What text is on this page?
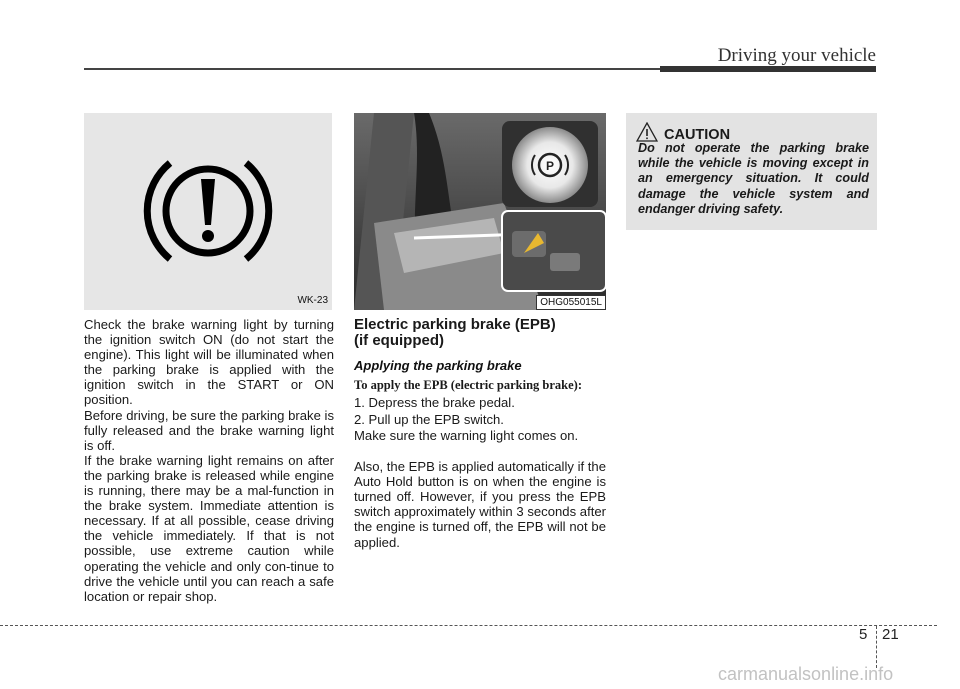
Driving your vehicle
WK-23
P
OHG055015L

Check the brake warning light by turning the ignition switch ON (do not start the engine). This light will be illuminated when the parking brake is applied with the ignition switch in the START or ON position.

Before driving, be sure the parking brake is fully released and the brake warning light is off.

If the brake warning light remains on after the parking brake is released while engine is running, there may be a mal-function in the brake system. Immediate attention is necessary. If at all possible, cease driving the vehicle immediately. If that is not possible, use extreme caution while operating the vehicle and only con-tinue to drive the vehicle until you can reach a safe location or repair shop.

Electric parking brake (EPB)
(if equipped)
Applying the parking brake
To apply the EPB (electric parking brake):

1. Depress the brake pedal.

2. Pull up the EPB switch.

Make sure the warning light comes on.

Also, the EPB is applied automatically if the Auto Hold button is on when the engine is turned off. However, if you press the EPB switch approximately within 3 seconds after the engine is turned off, the EPB will not be applied.

CAUTION
Do not operate the parking brake while the vehicle is moving except in an emergency situation. It could damage the vehicle system and endanger driving safety.
5 21
carmanualsonline.info
